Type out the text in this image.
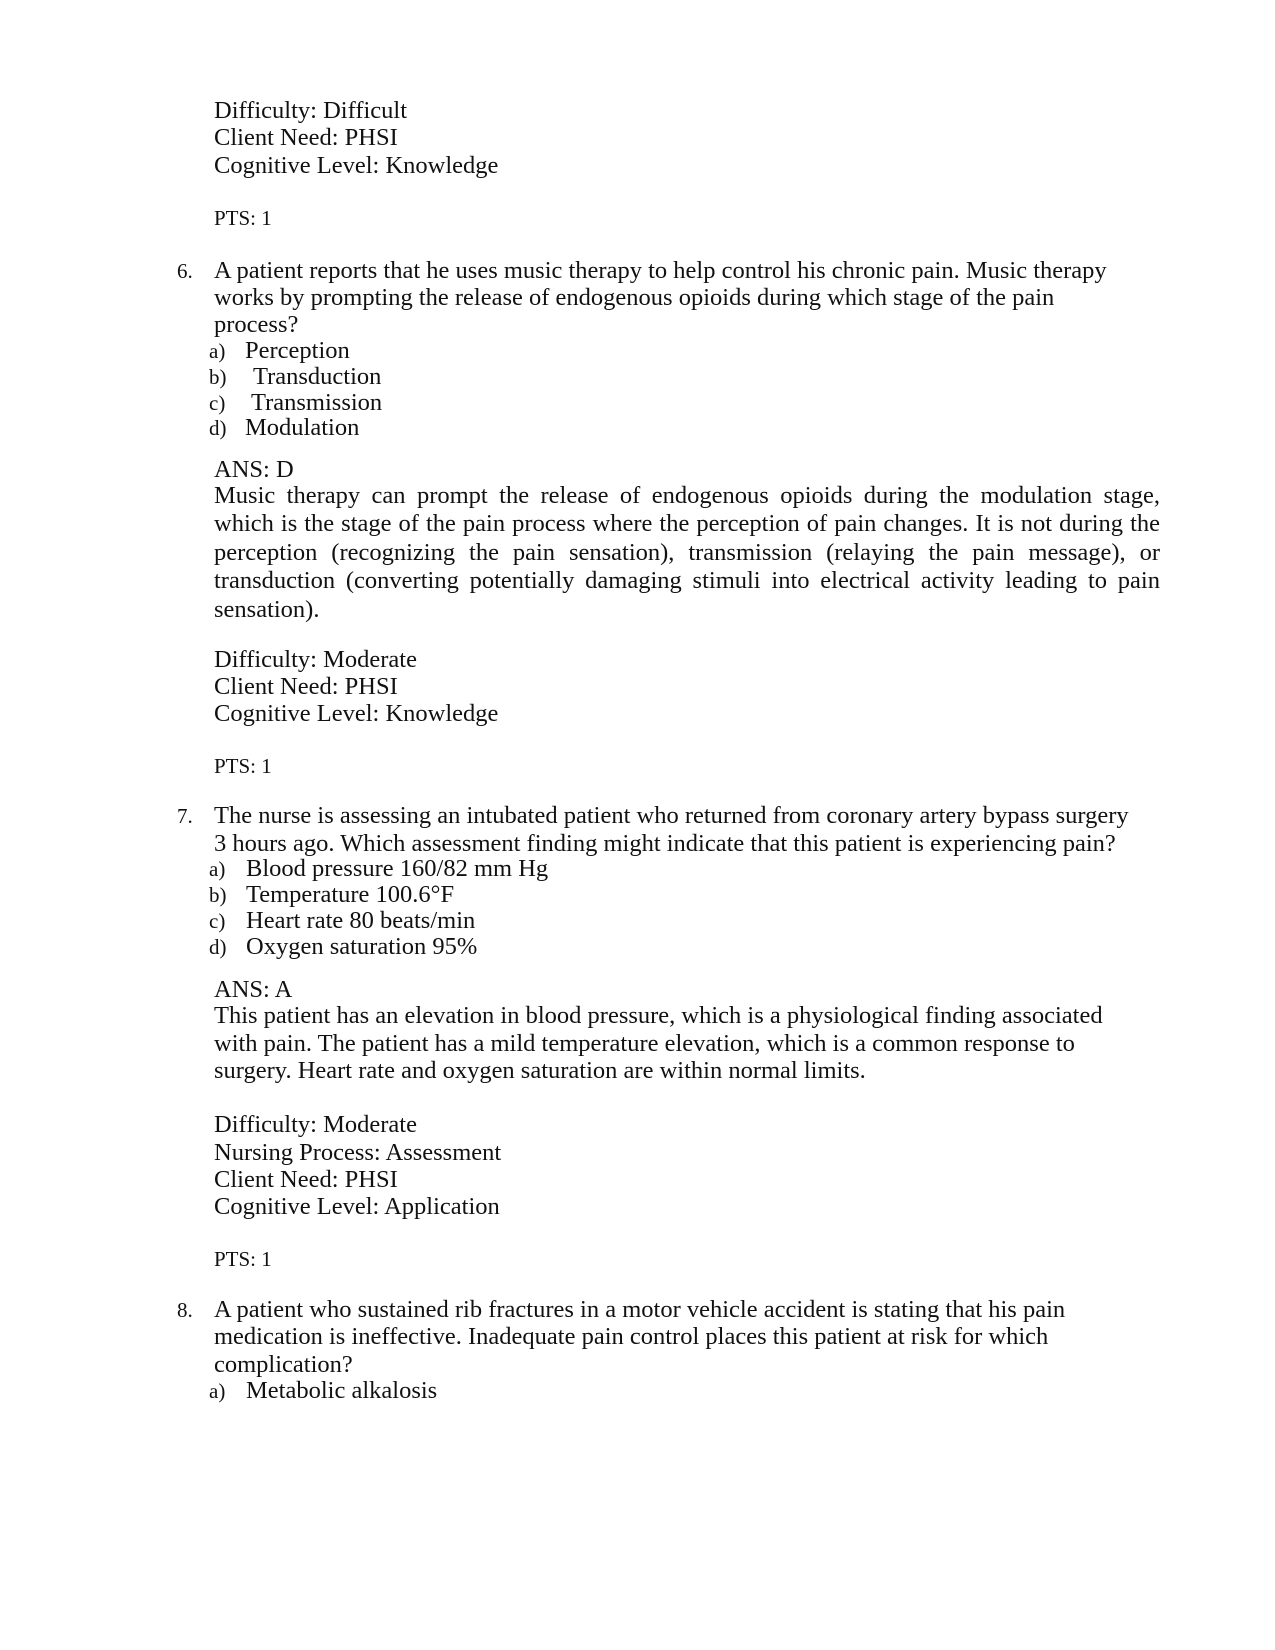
Difficulty: Difficult

Client Need: PHSI

Cognitive Level: Knowledge

PTS: 1

6. A patient reports that he uses music therapy to help control his chronic pain. Music therapy

works by prompting the release of endogenous opioids during which stage of the pain

process?

a) Perception

b) Transduction

c) Transmission

d) Modulation

ANS: D

Music therapy can prompt the release of endogenous opioids during the modulation stage, which is the stage of the pain process where the perception of pain changes. It is not during the perception (recognizing the pain sensation), transmission (relaying the pain message), or transduction (converting potentially damaging stimuli into electrical activity leading to pain sensation).

Difficulty: Moderate

Client Need: PHSI

Cognitive Level: Knowledge

PTS: 1

7. The nurse is assessing an intubated patient who returned from coronary artery bypass surgery

3 hours ago. Which assessment finding might indicate that this patient is experiencing pain?

a) Blood pressure 160/82 mm Hg

b) Temperature 100.6°F

c) Heart rate 80 beats/min

d) Oxygen saturation 95%

ANS: A

This patient has an elevation in blood pressure, which is a physiological finding associated

with pain. The patient has a mild temperature elevation, which is a common response to

surgery. Heart rate and oxygen saturation are within normal limits.

Difficulty: Moderate

Nursing Process: Assessment

Client Need: PHSI

Cognitive Level: Application

PTS: 1

8. A patient who sustained rib fractures in a motor vehicle accident is stating that his pain

medication is ineffective. Inadequate pain control places this patient at risk for which

complication?

a) Metabolic alkalosis
